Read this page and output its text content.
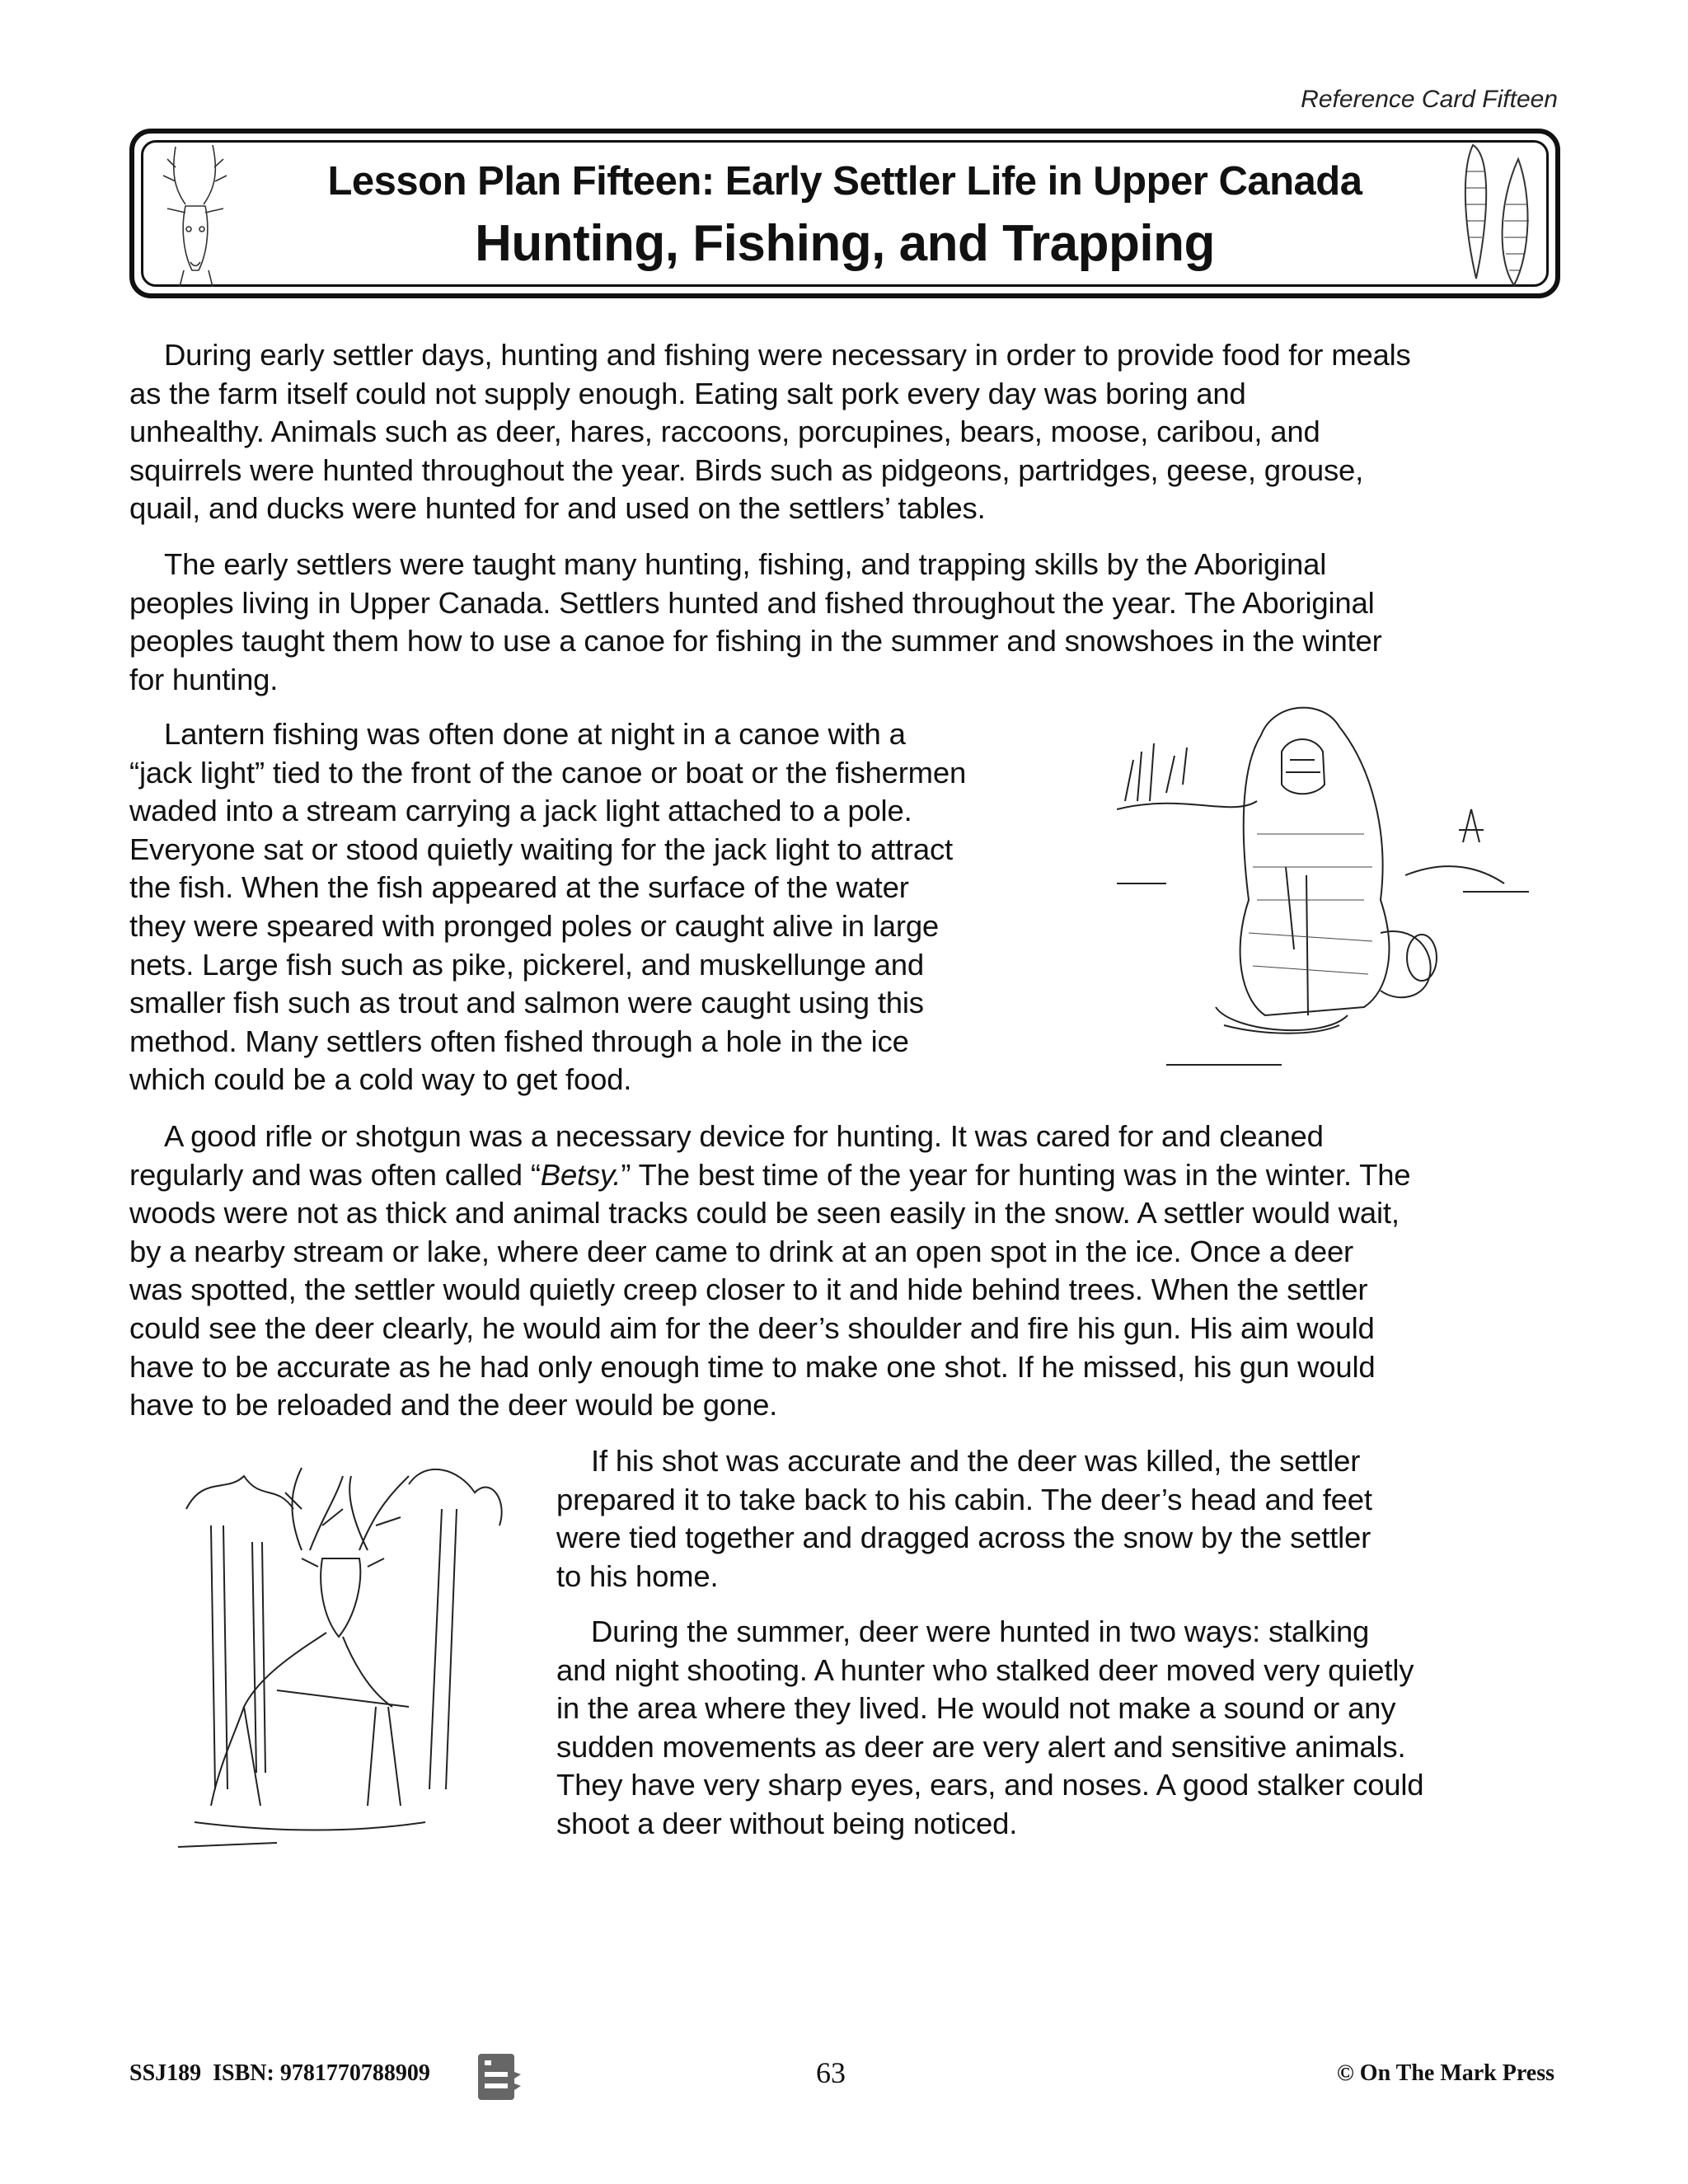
Reference Card Fifteen
Lesson Plan Fifteen: Early Settler Life in Upper Canada
Hunting, Fishing, and Trapping
During early settler days, hunting and fishing were necessary in order to provide food for meals
as the farm itself could not supply enough. Eating salt pork every day was boring and
unhealthy. Animals such as deer, hares, raccoons, porcupines, bears, moose, caribou, and
squirrels were hunted throughout the year. Birds such as pidgeons, partridges, geese, grouse,
quail, and ducks were hunted for and used on the settlers’ tables.
The early settlers were taught many hunting, fishing, and trapping skills by the Aboriginal
peoples living in Upper Canada. Settlers hunted and fished throughout the year. The Aboriginal
peoples taught them how to use a canoe for fishing in the summer and snowshoes in the winter
for hunting.
Lantern fishing was often done at night in a canoe with a
“jack light” tied to the front of the canoe or boat or the fishermen
waded into a stream carrying a jack light attached to a pole.
Everyone sat or stood quietly waiting for the jack light to attract
the fish. When the fish appeared at the surface of the water
they were speared with pronged poles or caught alive in large
nets. Large fish such as pike, pickerel, and muskellunge and
smaller fish such as trout and salmon were caught using this
method. Many settlers often fished through a hole in the ice
which could be a cold way to get food.
A good rifle or shotgun was a necessary device for hunting. It was cared for and cleaned
regularly and was often called “Betsy.” The best time of the year for hunting was in the winter. The
woods were not as thick and animal tracks could be seen easily in the snow. A settler would wait,
by a nearby stream or lake, where deer came to drink at an open spot in the ice. Once a deer
was spotted, the settler would quietly creep closer to it and hide behind trees. When the settler
could see the deer clearly, he would aim for the deer’s shoulder and fire his gun. His aim would
have to be accurate as he had only enough time to make one shot. If he missed, his gun would
have to be reloaded and the deer would be gone.
If his shot was accurate and the deer was killed, the settler
prepared it to take back to his cabin. The deer’s head and feet
were tied together and dragged across the snow by the settler
to his home.
During the summer, deer were hunted in two ways: stalking
and night shooting. A hunter who stalked deer moved very quietly
in the area where they lived. He would not make a sound or any
sudden movements as deer are very alert and sensitive animals.
They have very sharp eyes, ears, and noses. A good stalker could
shoot a deer without being noticed.
SSJ189 ISBN: 9781770788909	63	© On The Mark Press
